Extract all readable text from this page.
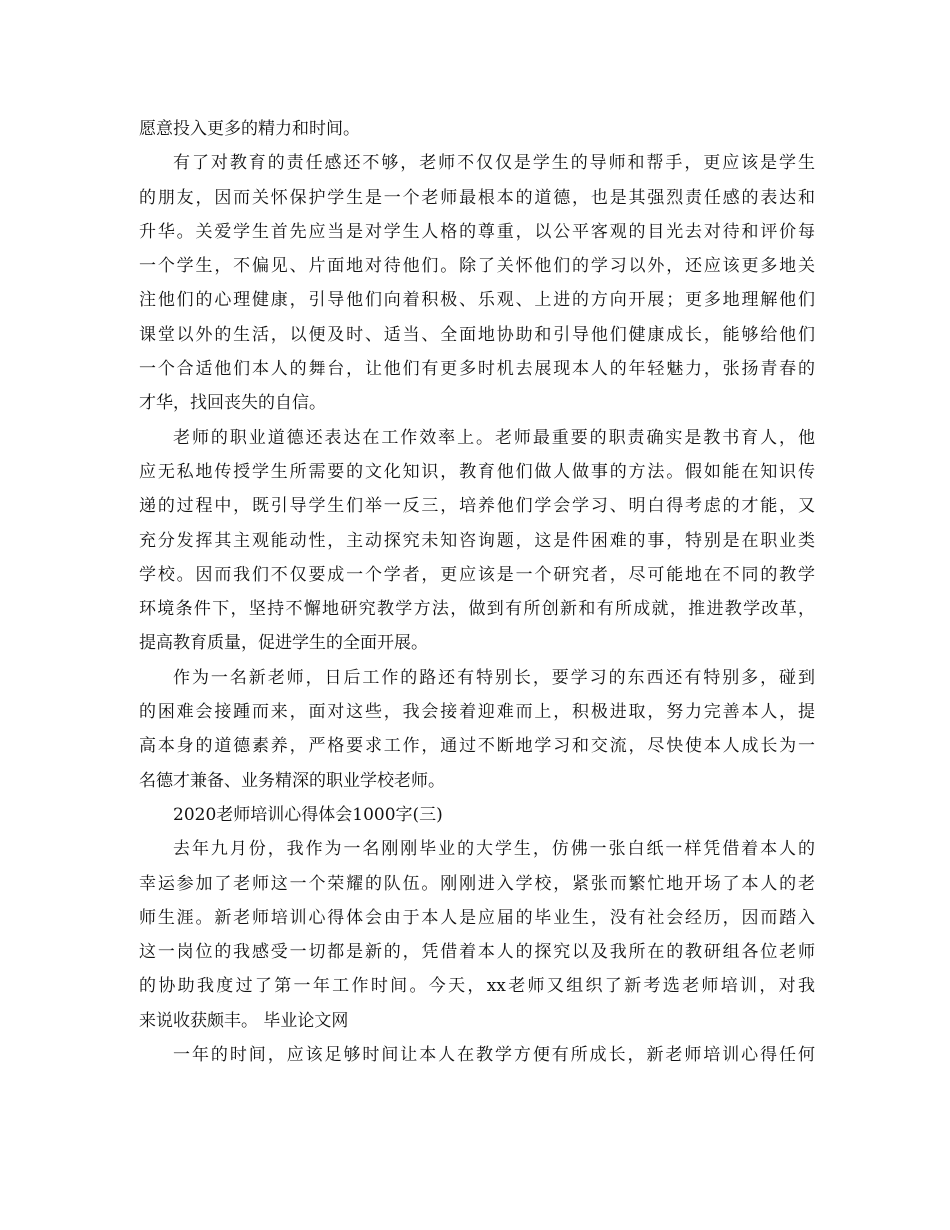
愿意投入更多的精力和时间。
有了对教育的责任感还不够，老师不仅仅是学生的导师和帮手，更应该是学生
的朋友，因而关怀保护学生是一个老师最根本的道德，也是其强烈责任感的表达和
升华。关爱学生首先应当是对学生人格的尊重，以公平客观的目光去对待和评价每
一个学生，不偏见、片面地对待他们。除了关怀他们的学习以外，还应该更多地关
注他们的心理健康，引导他们向着积极、乐观、上进的方向开展；更多地理解他们
课堂以外的生活，以便及时、适当、全面地协助和引导他们健康成长，能够给他们
一个合适他们本人的舞台，让他们有更多时机去展现本人的年轻魅力，张扬青春的
才华，找回丧失的自信。
老师的职业道德还表达在工作效率上。老师最重要的职责确实是教书育人，他
应无私地传授学生所需要的文化知识，教育他们做人做事的方法。假如能在知识传
递的过程中，既引导学生们举一反三，培养他们学会学习、明白得考虑的才能，又
充分发挥其主观能动性，主动探究未知咨询题，这是件困难的事，特别是在职业类
学校。因而我们不仅要成一个学者，更应该是一个研究者，尽可能地在不同的教学
环境条件下，坚持不懈地研究教学方法，做到有所创新和有所成就，推进教学改革，
提高教育质量，促进学生的全面开展。
作为一名新老师，日后工作的路还有特别长，要学习的东西还有特别多，碰到
的困难会接踵而来，面对这些，我会接着迎难而上，积极进取，努力完善本人，提
高本身的道德素养，严格要求工作，通过不断地学习和交流，尽快使本人成长为一
名德才兼备、业务精深的职业学校老师。
2020老师培训心得体会1000字(三)
去年九月份，我作为一名刚刚毕业的大学生，仿佛一张白纸一样凭借着本人的
幸运参加了老师这一个荣耀的队伍。刚刚进入学校，紧张而繁忙地开场了本人的老
师生涯。新老师培训心得体会由于本人是应届的毕业生，没有社会经历，因而踏入
这一岗位的我感受一切都是新的，凭借着本人的探究以及我所在的教研组各位老师
的协助我度过了第一年工作时间。今天，xx老师又组织了新考选老师培训，对我
来说收获颇丰。 毕业论文网
一年的时间，应该足够时间让本人在教学方便有所成长，新老师培训心得任何
